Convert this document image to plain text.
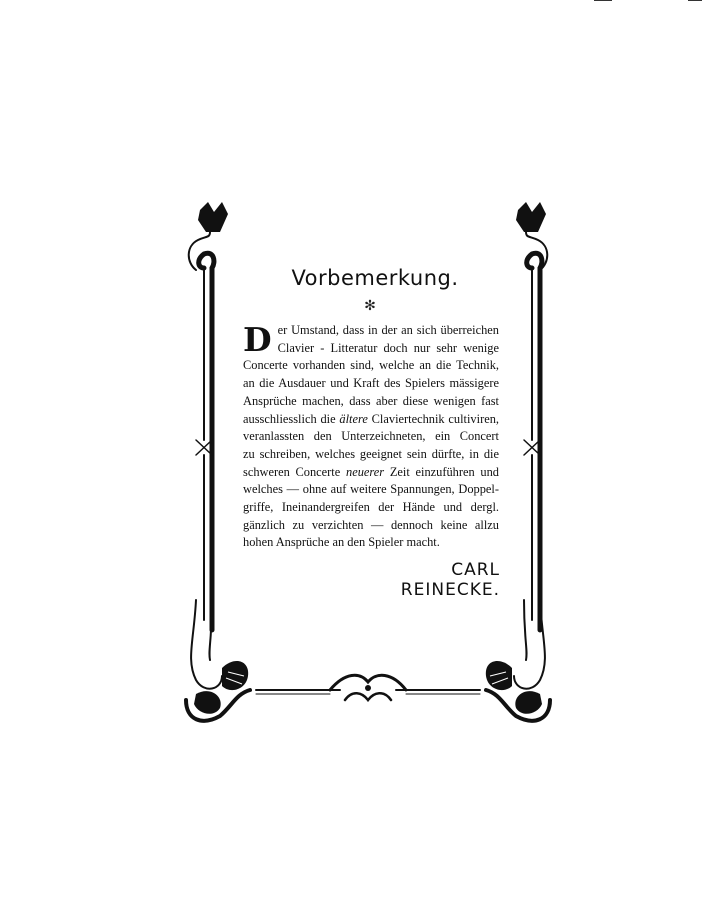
Vorbemerkung.
✻
D er Umstand, dass in der an sich überreichen
Clavier - Litteratur doch nur sehr wenige
Concerte vorhanden sind, welche an die Technik,
an die Ausdauer und Kraft des Spielers mässigere
Ansprüche machen, dass aber diese wenigen fast
ausschliesslich die ältere Claviertechnik cultiviren,
veranlassten den Unterzeichneten, ein Concert
zu schreiben, welches geeignet sein dürfte, in die
schweren Concerte neuerer Zeit einzuführen und
welches — ohne auf weitere Spannungen, Doppel-
griffe, Ineinandergreifen der Hände und dergl.
gänzlich zu verzichten — dennoch keine allzu
hohen Ansprüche an den Spieler macht.
CARL REINECKE.
